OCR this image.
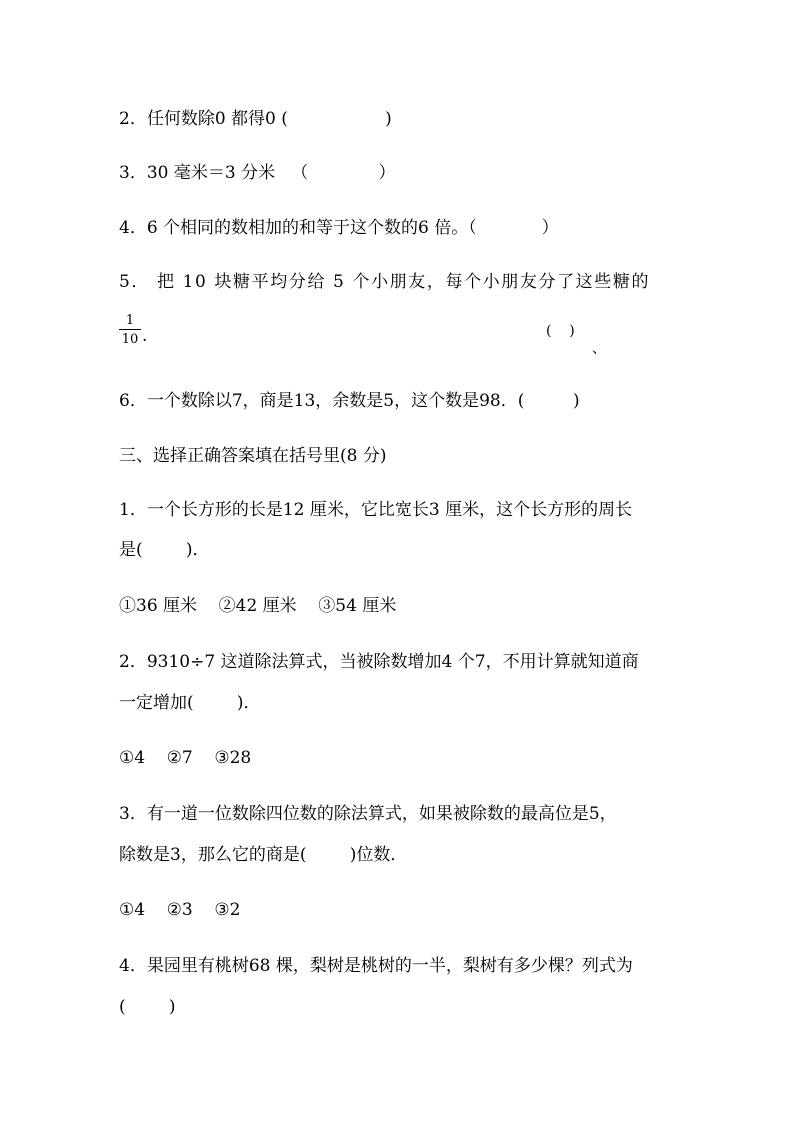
2．任何数除0 都得0 (	)
3．30 毫米＝3 分米 （	）
4．6 个相同的数相加的和等于这个数的6 倍。（	）
5． 把 10 块糖平均分给 5 个小朋友，每个小朋友分了这些糖的
1
10 .	(    )
、
6．一个数除以7，商是13，余数是5，这个数是98．(	)
三、选择正确答案填在括号里(8 分)
1．一个长方形的长是12 厘米，它比宽长3 厘米，这个长方形的周长
是(	)．
①36 厘米    ②42 厘米    ③54 厘米
2．9310÷7 这道除法算式，当被除数增加4 个7，不用计算就知道商
一定增加(	)．
①4    ②7    ③28
3．有一道一位数除四位数的除法算式，如果被除数的最高位是5，
除数是3，那么它的商是(	)位数．
①4    ②3    ③2
4．果园里有桃树68 棵，梨树是桃树的一半，梨树有多少棵？列式为
(	)
